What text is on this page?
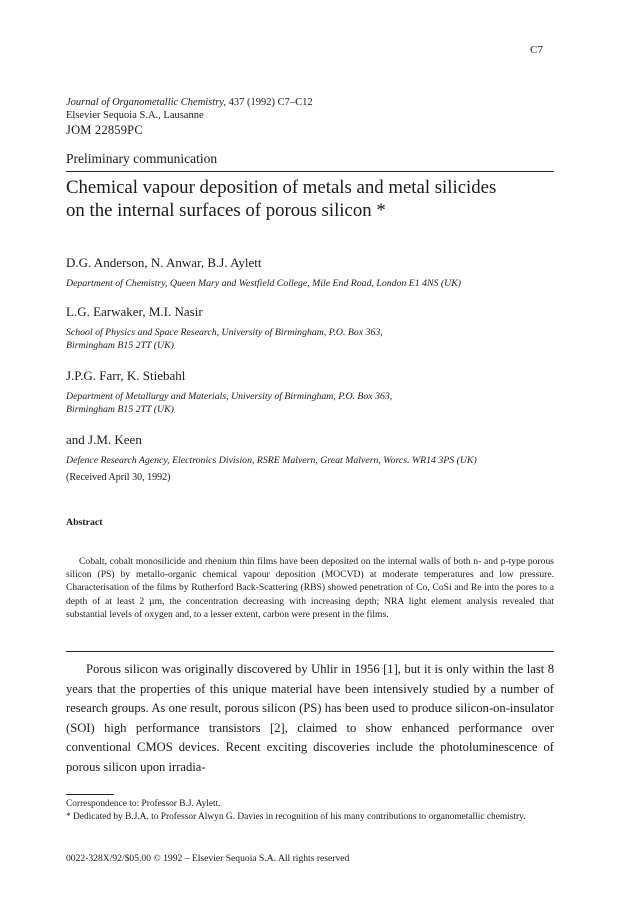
C7
Journal of Organometallic Chemistry, 437 (1992) C7–C12
Elsevier Sequoia S.A., Lausanne
JOM 22859PC
Preliminary communication
Chemical vapour deposition of metals and metal silicides
on the internal surfaces of porous silicon *
D.G. Anderson, N. Anwar, B.J. Aylett
Department of Chemistry, Queen Mary and Westfield College, Mile End Road, London E1 4NS (UK)
L.G. Earwaker, M.I. Nasir
School of Physics and Space Research, University of Birmingham, P.O. Box 363,
Birmingham B15 2TT (UK)
J.P.G. Farr, K. Stiebahl
Department of Metallurgy and Materials, University of Birmingham, P.O. Box 363,
Birmingham B15 2TT (UK)
and J.M. Keen
Defence Research Agency, Electronics Division, RSRE Malvern, Great Malvern, Worcs. WR14 3PS (UK)
(Received April 30, 1992)
Abstract
Cobalt, cobalt monosilicide and rhenium thin films have been deposited on the internal walls of both n- and p-type porous silicon (PS) by metallo-organic chemical vapour deposition (MOCVD) at moderate temperatures and low pressure. Characterisation of the films by Rutherford Back-Scattering (RBS) showed penetration of Co, CoSi and Re into the pores to a depth of at least 2 µm, the concentration decreasing with increasing depth; NRA light element analysis revealed that substantial levels of oxygen and, to a lesser extent, carbon were present in the films.
Porous silicon was originally discovered by Uhlir in 1956 [1], but it is only within the last 8 years that the properties of this unique material have been intensively studied by a number of research groups. As one result, porous silicon (PS) has been used to produce silicon-on-insulator (SOI) high performance transistors [2], claimed to show enhanced performance over conventional CMOS devices. Recent exciting discoveries include the photoluminescence of porous silicon upon irradia-
Correspondence to: Professor B.J. Aylett.
* Dedicated by B.J.A. to Professor Alwyn G. Davies in recognition of his many contributions to organometallic chemistry.
0022-328X/92/$05.00 © 1992 – Elsevier Sequoia S.A. All rights reserved
